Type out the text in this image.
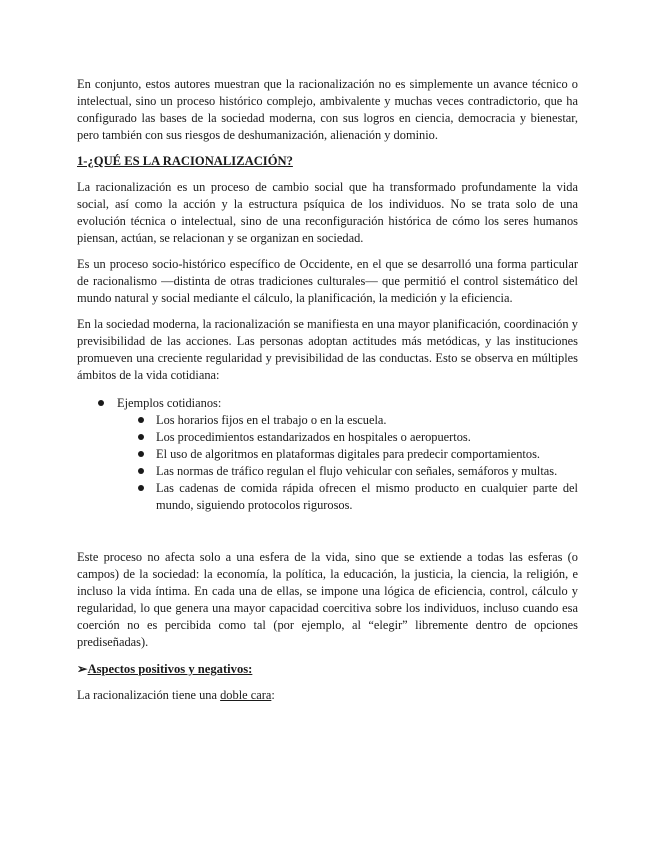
En conjunto, estos autores muestran que la racionalización no es simplemente un avance técnico o intelectual, sino un proceso histórico complejo, ambivalente y muchas veces contradictorio, que ha configurado las bases de la sociedad moderna, con sus logros en ciencia, democracia y bienestar, pero también con sus riesgos de deshumanización, alienación y dominio.

1-¿QUÉ ES LA RACIONALIZACIÓN?

La racionalización es un proceso de cambio social que ha transformado profundamente la vida social, así como la acción y la estructura psíquica de los individuos. No se trata solo de una evolución técnica o intelectual, sino de una reconfiguración histórica de cómo los seres humanos piensan, actúan, se relacionan y se organizan en sociedad.

Es un proceso socio-histórico específico de Occidente, en el que se desarrolló una forma particular de racionalismo —distinta de otras tradiciones culturales— que permitió el control sistemático del mundo natural y social mediante el cálculo, la planificación, la medición y la eficiencia.

En la sociedad moderna, la racionalización se manifiesta en una mayor planificación, coordinación y previsibilidad de las acciones. Las personas adoptan actitudes más metódicas, y las instituciones promueven una creciente regularidad y previsibilidad de las conductas. Esto se observa en múltiples ámbitos de la vida cotidiana:

Ejemplos cotidianos:
Los horarios fijos en el trabajo o en la escuela.
Los procedimientos estandarizados en hospitales o aeropuertos.
El uso de algoritmos en plataformas digitales para predecir comportamientos.
Las normas de tráfico regulan el flujo vehicular con señales, semáforos y multas.
Las cadenas de comida rápida ofrecen el mismo producto en cualquier parte del mundo, siguiendo protocolos rigurosos.

Este proceso no afecta solo a una esfera de la vida, sino que se extiende a todas las esferas (o campos) de la sociedad: la economía, la política, la educación, la justicia, la ciencia, la religión, e incluso la vida íntima. En cada una de ellas, se impone una lógica de eficiencia, control, cálculo y regularidad, lo que genera una mayor capacidad coercitiva sobre los individuos, incluso cuando esa coerción no es percibida como tal (por ejemplo, al “elegir” libremente dentro de opciones prediseñadas).

➢Aspectos positivos y negativos:

La racionalización tiene una doble cara:
